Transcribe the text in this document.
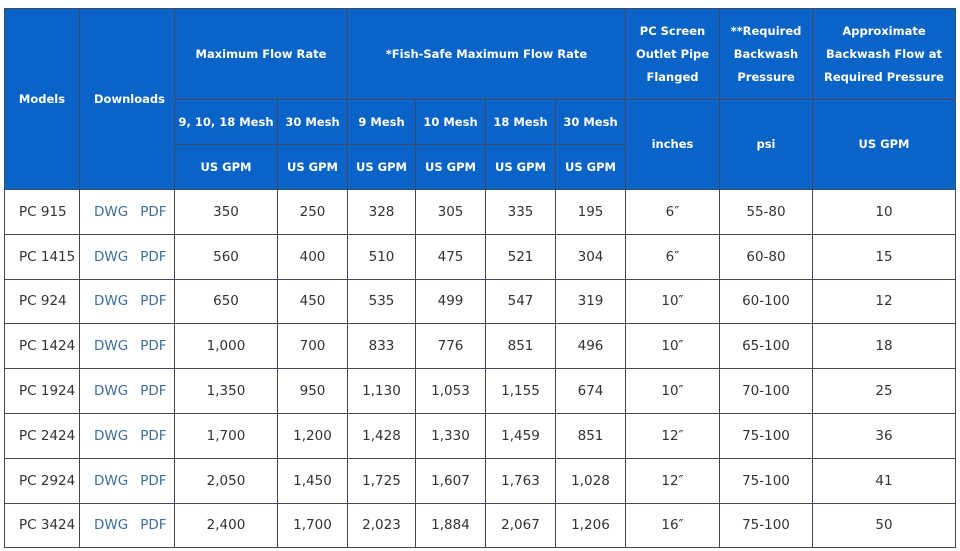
Models	Downloads	Maximum Flow Rate		*Fish-Safe Maximum Flow Rate				PC Screen
Outlet Pipe
Flanged	**Required
Backwash
Pressure	Approximate
Backwash Flow at
Required Pressure

		9, 10, 18 Mesh	30 Mesh	9 Mesh	10 Mesh	18 Mesh	30 Mesh	inches	psi	US GPM
		US GPM	US GPM	US GPM	US GPM	US GPM	US GPM			
PC 915	DWG PDF	350	250	328	305	335	195	6″	55-80	10
PC 1415	DWG PDF	560	400	510	475	521	304	6″	60-80	15
PC 924	DWG PDF	650	450	535	499	547	319	10″	60-100	12
PC 1424	DWG PDF	1,000	700	833	776	851	496	10″	65-100	18
PC 1924	DWG PDF	1,350	950	1,130	1,053	1,155	674	10″	70-100	25
PC 2424	DWG PDF	1,700	1,200	1,428	1,330	1,459	851	12″	75-100	36
PC 2924	DWG PDF	2,050	1,450	1,725	1,607	1,763	1,028	12″	75-100	41
PC 3424	DWG PDF	2,400	1,700	2,023	1,884	2,067	1,206	16″	75-100	50
